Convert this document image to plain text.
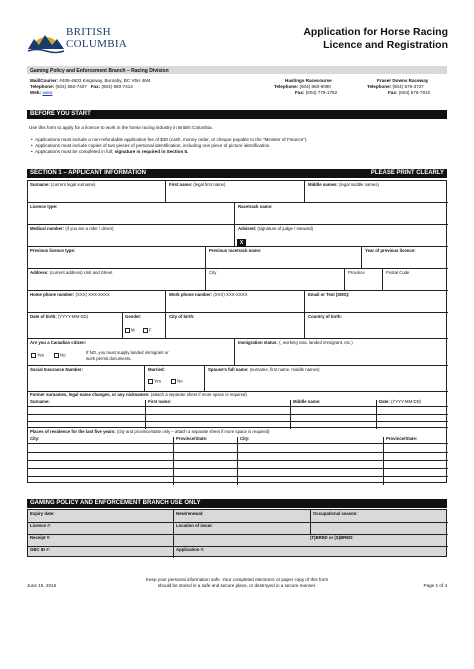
BRITISH
COLUMBIA
Application for Horse Racing
Licence and Registration
Gaming Policy and Enforcement Branch – Racing Division
Mail/Courier: #408-4603 Kingsway, Burnaby, BC V5H 4M4
Telephone: (604) 660-7407 Fax: (604) 660-7414
Web: www
Hastings Racecourse
Telephone: (604) 660-9090
Fax: (604) 775-1752
Fraser Downs Raceway
Telephone: (604) 576-3727
Fax: (604) 576-7910
BEFORE YOU START
Use this form to apply for a licence to work in the horse racing industry in British Columbia.
•  Applications must include a non-refundable application fee of $30 (cash, money order, or cheque payable to the “Minister of Finance”).
•  Applications must include copies of two pieces of personal identification, including one piece of picture identification.
•  Applications must be completed in full; signature is required in Section 5.
SECTION 1 – APPLICANT INFORMATION	PLEASE PRINT CLEARLY
Surname: (current legal surname)	First name: (legal first name)	Middle names: (legal middle names)
Licence type:	Racetrack name:
Medical number: (if you are a rider / driver)	Advised: (signature of judge / steward)
X
Previous licence type:	Previous racetrack name:	Year of previous licence:
Address: (current address) Unit and Street	City	Province	Postal Code
Home phone number: (XXX) XXX-XXXX	Work phone number: (XXX) XXX-XXXX	Email or Text (SMS):
Date of birth: (YYYY-MM-DD)	Gender:
M	F
City of birth:	Country of birth:
Are you a Canadian citizen:
Yes	No
If NO, you must supply landed immigrant or
work permit documents.
Immigration status: (, working visa, landed immigrant, etc.)
Social Insurance Number:	Married:
Yes	No
Spouse's full name: (surname, first name, middle names)
Former surnames, legal name changes, or any nicknames: (attach a separate sheet if more space is required)
Surname:	First name:	Middle name:	Date: (YYYY-MM-DD)
Places of residence for the last five years: (city and province/state only – attach a separate sheet if more space is required)
City:	Province/State:	City:	Province/State:
GAMING POLICY AND ENFORCEMENT BRANCH USE ONLY
Expiry date:	New/renewal:	Occupational season:
Licence #:	Location of issue:
Receipt #:	(T)BRED or (S)BRED:
GBC ID #:	Application #:
June 15, 2016
Keep your personal information safe. Your completed electronic or paper copy of this form
should be stored in a safe and secure place, or destroyed in a secure manner.	Page 1 of 4
